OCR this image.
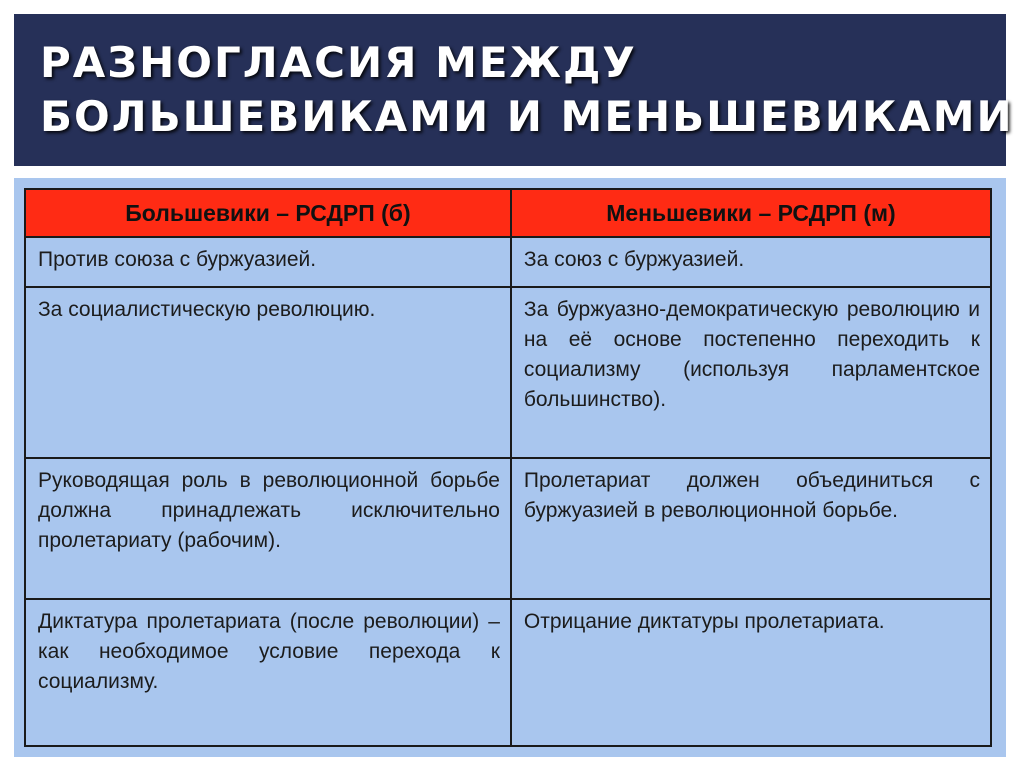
РАЗНОГЛАСИЯ МЕЖДУ
БОЛЬШЕВИКАМИ И МЕНЬШЕВИКАМИ
Большевики – РСДРП (б)	Меньшевики – РСДРП (м)
Против союза с буржуазией.	За союз с буржуазией.
За социалистическую революцию.	За буржуазно-демократическую революцию и на её основе постепенно переходить к социализму (используя парламентское большинство).
Руководящая роль в революционной борьбе должна принадлежать исключительно пролетариату (рабочим).	Пролетариат должен объединиться с буржуазией в революционной борьбе.
Диктатура пролетариата (после революции) – как необходимое условие перехода к социализму.	Отрицание диктатуры пролетариата.
